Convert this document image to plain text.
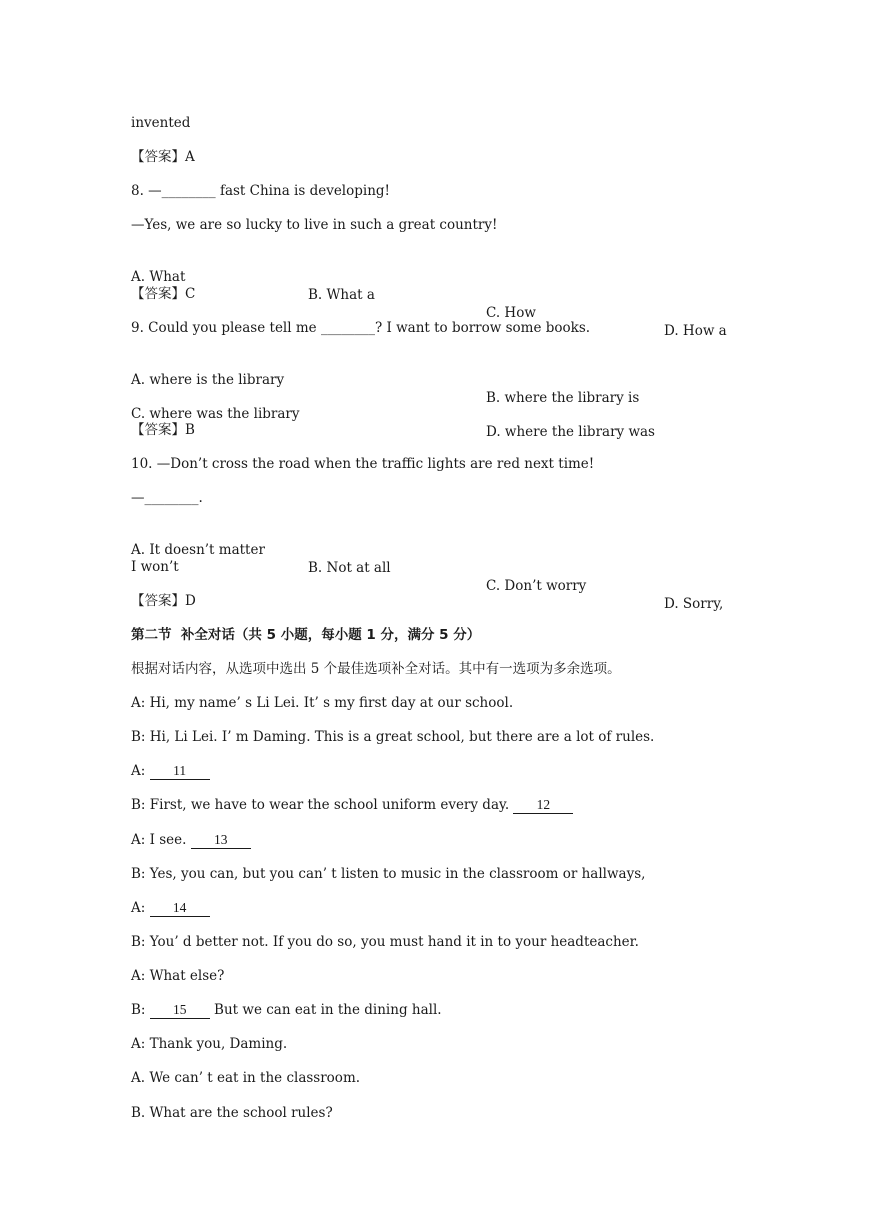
invented
【答案】A
8. —________ fast China is developing!
—Yes, we are so lucky to live in such a great country!

A. What

B. What a

C. How

D. How a

【答案】C
9. Could you please tell me ________? I want to borrow some books.

A. where is the library

B. where the library is

C. where was the library

D. where the library was

【答案】B
10. —Don’t cross the road when the traffic lights are red next time!
—________.

A. It doesn’t matter

B. Not at all

C. Don’t worry

D. Sorry,

I won’t
【答案】D
第二节  补全对话（共 5 小题，每小题 1 分，满分 5 分）
根据对话内容，从选项中选出 5 个最佳选项补全对话。其中有一选项为多余选项。
A: Hi, my name’ s Li Lei. It’ s my first day at our school.
B: Hi, Li Lei. I’ m Daming. This is a great school, but there are a lot of rules.
A: 11
B: First, we have to wear the school uniform every day. 12
A: I see. 13
B: Yes, you can, but you can’ t listen to music in the classroom or hallways,
A: 14
B: You’ d better not. If you do so, you must hand it in to your headteacher.
A: What else?
B: 15 But we can eat in the dining hall.
A: Thank you, Daming.
A. We can’ t eat in the classroom.
B. What are the school rules?
